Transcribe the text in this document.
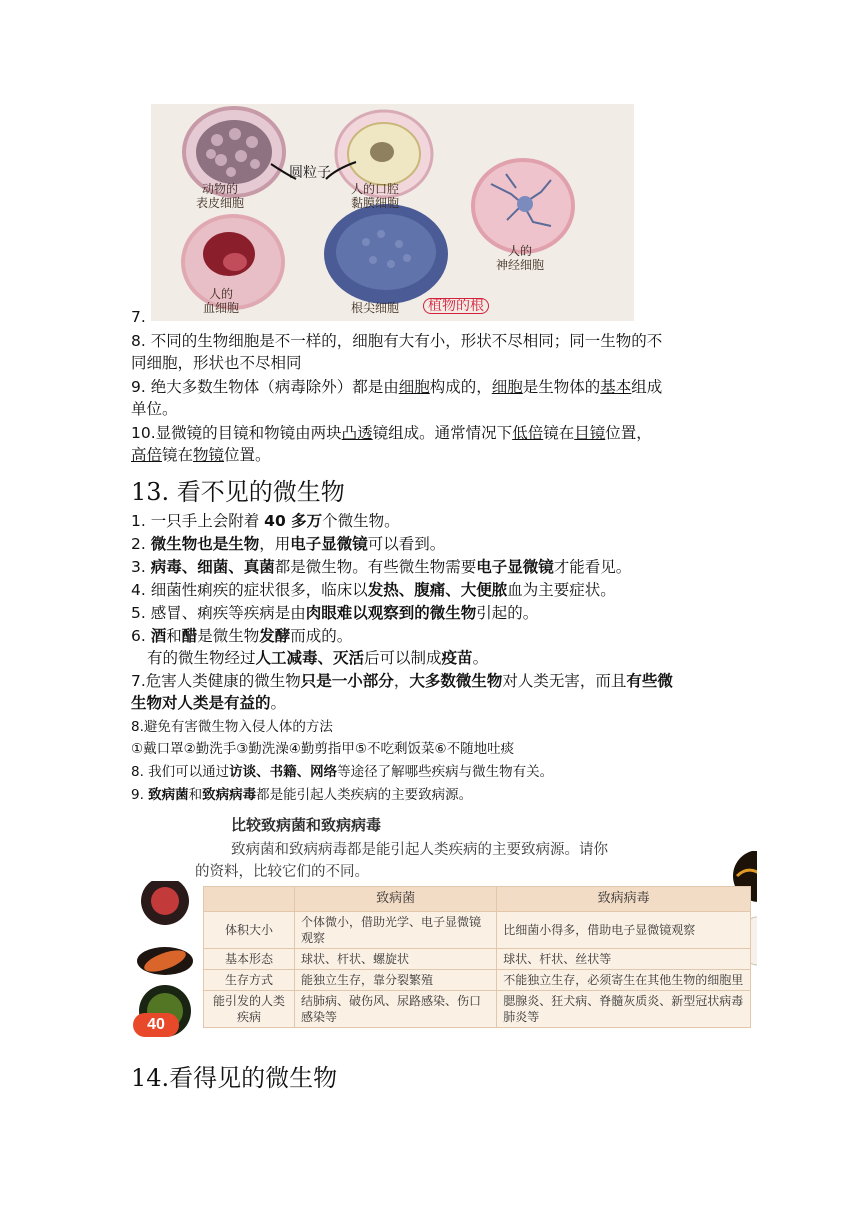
动物的
表皮细胞
圆粒子
人的口腔
黏膜细胞
人的
神经细胞
人的
血细胞	根尖细胞	植物的根
7.
8. 不同的生物细胞是不一样的，细胞有大有小，形状不尽相同；同一生物的不
同细胞，形状也不尽相同
9. 绝大多数生物体（病毒除外）都是由细胞构成的，细胞是生物体的基本组成
单位。
10.显微镜的目镜和物镜由两块凸透镜组成。通常情况下低倍镜在目镜位置，
高倍镜在物镜位置。
13. 看不见的微生物
1. 一只手上会附着 40 多万个微生物。
2. 微生物也是生物，用电子显微镜可以看到。
3. 病毒、细菌、真菌都是微生物。有些微生物需要电子显微镜才能看见。
4. 细菌性痢疾的症状很多，临床以发热、腹痛、大便脓血为主要症状。
5. 感冒、痢疾等疾病是由肉眼难以观察到的微生物引起的。
6. 酒和醋是微生物发酵而成的。
有的微生物经过人工减毒、灭活后可以制成疫苗。
7.危害人类健康的微生物只是一小部分，大多数微生物对人类无害，而且有些微
生物对人类是有益的。
8.避免有害微生物入侵人体的方法
①戴口罩②勤洗手③勤洗澡④勤剪指甲⑤不吃剩饭菜⑥不随地吐痰
8. 我们可以通过访谈、书籍、网络等途径了解哪些疾病与微生物有关。
9. 致病菌和致病病毒都是能引起人类疾病的主要致病源。
比较致病菌和致病病毒
致病菌和致病病毒都是能引起人类疾病的主要致病源。请你
的资料，比较它们的不同。
	致病菌	致病病毒
体积大小	个体微小，借助光学、电子显微镜观察	比细菌小得多，借助电子显微镜观察
基本形态	球状、杆状、螺旋状	球状、杆状、丝状等
生存方式	能独立生存，靠分裂繁殖	不能独立生存，必须寄生在其他生物的细胞里
能引发的人类疾病	结肺病、破伤风、尿路感染、伤口感染等	腮腺炎、狂犬病、脊髓灰质炎、新型冠状病毒肺炎等
40
14.看得见的微生物
